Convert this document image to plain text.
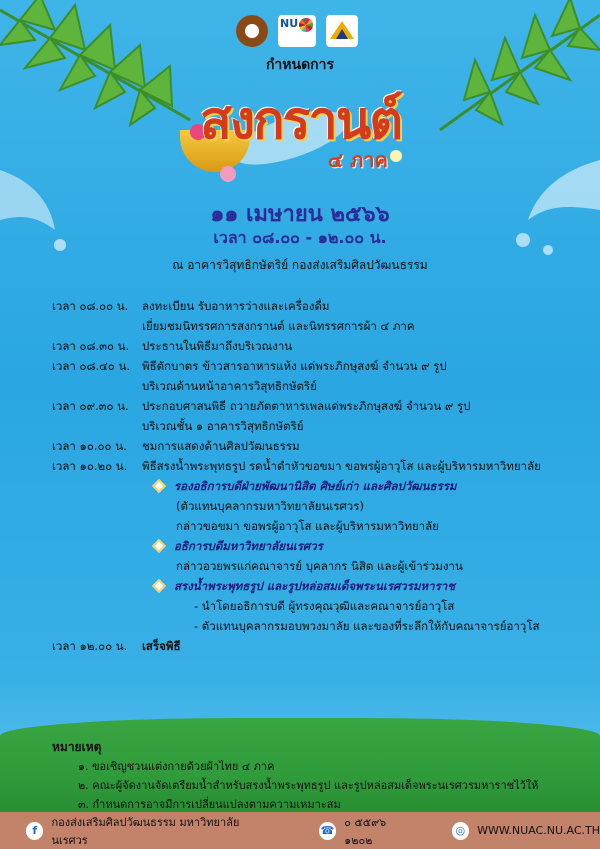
NU
กำหนดการ
สงกรานต์
๔ ภาค
๑๑ เมษายน ๒๕๖๖
เวลา ๐๘.๐๐ - ๑๒.๐๐ น.
ณ อาคารวิสุทธิกษัตริย์ กองส่งเสริมศิลปวัฒนธรรม
เวลา ๐๘.๐๐ น.	ลงทะเบียน รับอาหารว่างและเครื่องดื่ม
เยี่ยมชมนิทรรศการสงกรานต์ และนิทรรศการผ้า ๔ ภาค
เวลา ๐๘.๓๐ น.	ประธานในพิธีมาถึงบริเวณงาน
เวลา ๐๘.๔๐ น.	พิธีตักบาตร ข้าวสารอาหารแห้ง แด่พระภิกษุสงฆ์ จำนวน ๙ รูป
บริเวณด้านหน้าอาคารวิสุทธิกษัตริย์
เวลา ๐๙.๓๐ น.	ประกอบศาสนพิธี ถวายภัตตาหารเพลแด่พระภิกษุสงฆ์ จำนวน ๙ รูป
บริเวณชั้น ๑ อาคารวิสุทธิกษัตริย์
เวลา ๑๐.๐๐ น.	ชมการแสดงด้านศิลปวัฒนธรรม
เวลา ๑๐.๒๐ น.	พิธีสรงน้ำพระพุทธรูป รดน้ำดำหัวขอขมา ขอพรผู้อาวุโส และผู้บริหารมหาวิทยาลัย
รองอธิการบดีฝ่ายพัฒนานิสิต ศิษย์เก่า และศิลปวัฒนธรรม
(ตัวแทนบุคลากรมหาวิทยาลัยนเรศวร)
กล่าวขอขมา ขอพรผู้อาวุโส และผู้บริหารมหาวิทยาลัย
อธิการบดีมหาวิทยาลัยนเรศวร
กล่าวอวยพรแก่คณาจารย์ บุคลากร นิสิต และผู้เข้าร่วมงาน
สรงน้ำพระพุทธรูป และรูปหล่อสมเด็จพระนเรศวรมหาราช
- นำโดยอธิการบดี ผู้ทรงคุณวุฒิและคณาจารย์อาวุโส
- ตัวแทนบุคลากรมอบพวงมาลัย และของที่ระลึกให้กับคณาจารย์อาวุโส
เวลา ๑๒.๐๐ น.	เสร็จพิธี
หมายเหตุ
๑. ขอเชิญชวนแต่งกายด้วยผ้าไทย ๔ ภาค
๒. คณะผู้จัดงานจัดเตรียมน้ำสำหรับสรงน้ำพระพุทธรูป และรูปหล่อสมเด็จพระนเรศวรมหาราชไว้ให้
๓. กำหนดการอาจมีการเปลี่ยนแปลงตามความเหมาะสม
f
กองส่งเสริมศิลปวัฒนธรรม มหาวิทยาลัยนเรศวร
☎
๐ ๕๕๙๖ ๑๒๐๒
◎	WWW.NUAC.NU.AC.TH
